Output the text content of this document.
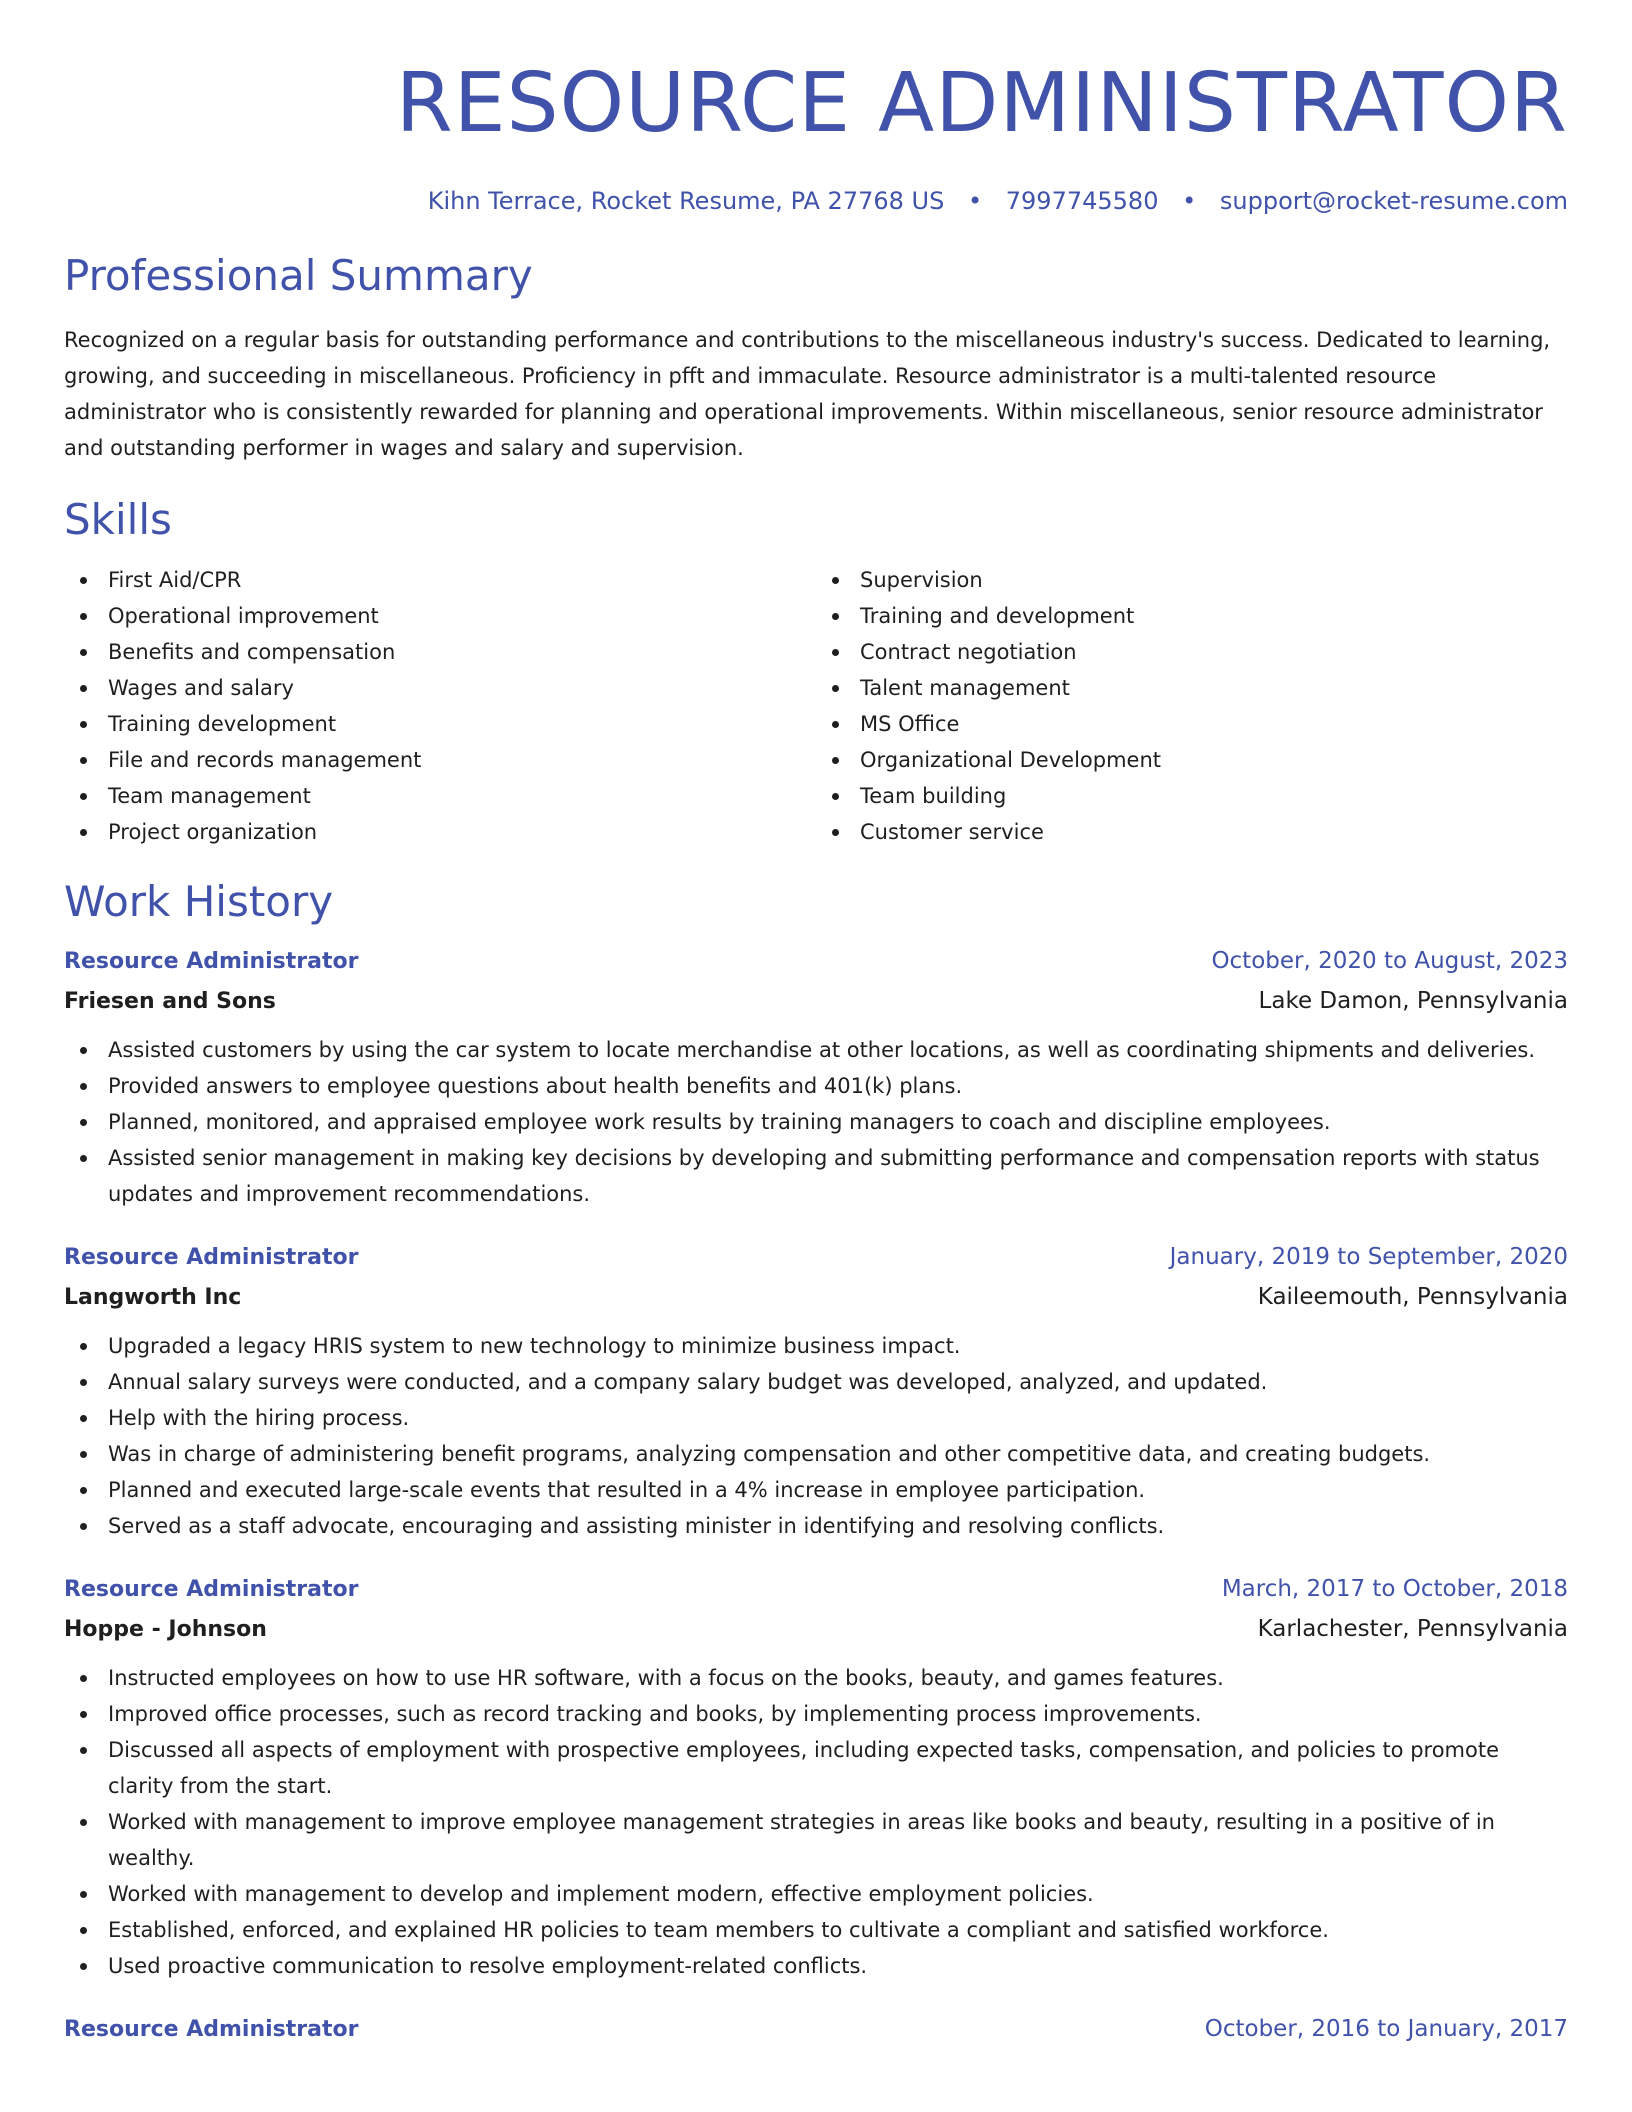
RESOURCE ADMINISTRATOR
Kihn Terrace, Rocket Resume, PA 27768 US • 7997745580 • support@rocket-resume.com
Professional Summary
Recognized on a regular basis for outstanding performance and contributions to the miscellaneous industry's success. Dedicated to learning, growing, and succeeding in miscellaneous. Proficiency in pfft and immaculate. Resource administrator is a multi-talented resource administrator who is consistently rewarded for planning and operational improvements. Within miscellaneous, senior resource administrator and outstanding performer in wages and salary and supervision.
Skills
First Aid/CPR
Operational improvement
Benefits and compensation
Wages and salary
Training development
File and records management
Team management
Project organization
Supervision
Training and development
Contract negotiation
Talent management
MS Office
Organizational Development
Team building
Customer service
Work History
Resource Administrator	October, 2020 to August, 2023
Friesen and Sons	Lake Damon, Pennsylvania
Assisted customers by using the car system to locate merchandise at other locations, as well as coordinating shipments and deliveries.
Provided answers to employee questions about health benefits and 401(k) plans.
Planned, monitored, and appraised employee work results by training managers to coach and discipline employees.
Assisted senior management in making key decisions by developing and submitting performance and compensation reports with status updates and improvement recommendations.
Resource Administrator	January, 2019 to September, 2020
Langworth Inc	Kaileemouth, Pennsylvania
Upgraded a legacy HRIS system to new technology to minimize business impact.
Annual salary surveys were conducted, and a company salary budget was developed, analyzed, and updated.
Help with the hiring process.
Was in charge of administering benefit programs, analyzing compensation and other competitive data, and creating budgets.
Planned and executed large-scale events that resulted in a 4% increase in employee participation.
Served as a staff advocate, encouraging and assisting minister in identifying and resolving conflicts.
Resource Administrator	March, 2017 to October, 2018
Hoppe - Johnson	Karlachester, Pennsylvania
Instructed employees on how to use HR software, with a focus on the books, beauty, and games features.
Improved office processes, such as record tracking and books, by implementing process improvements.
Discussed all aspects of employment with prospective employees, including expected tasks, compensation, and policies to promote clarity from the start.
Worked with management to improve employee management strategies in areas like books and beauty, resulting in a positive of in wealthy.
Worked with management to develop and implement modern, effective employment policies.
Established, enforced, and explained HR policies to team members to cultivate a compliant and satisfied workforce.
Used proactive communication to resolve employment-related conflicts.
Resource Administrator	October, 2016 to January, 2017
